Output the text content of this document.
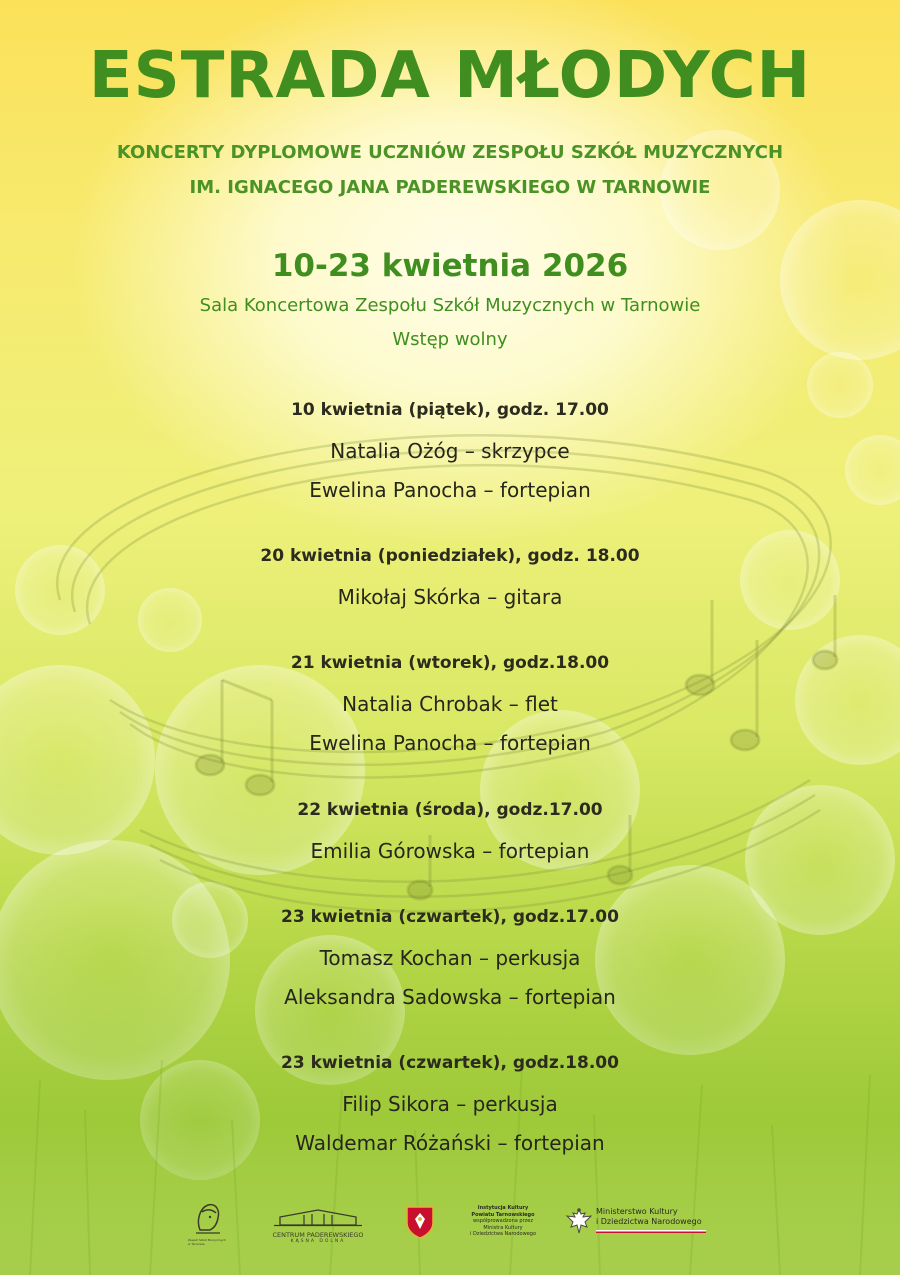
ESTRADA MŁODYCH
KONCERTY DYPLOMOWE UCZNIÓW ZESPOŁU SZKÓŁ MUZYCZNYCH
IM. IGNACEGO JANA PADEREWSKIEGO W TARNOWIE
10-23 kwietnia 2026
Sala Koncertowa Zespołu Szkół Muzycznych w Tarnowie
Wstęp wolny
10 kwietnia (piątek), godz. 17.00
Natalia Ożóg – skrzypce
Ewelina Panocha – fortepian
20 kwietnia (poniedziałek), godz. 18.00
Mikołaj Skórka – gitara
21 kwietnia (wtorek), godz.18.00
Natalia Chrobak – flet
Ewelina Panocha – fortepian
22 kwietnia (środa), godz.17.00
Emilia Górowska – fortepian
23 kwietnia (czwartek), godz.17.00
Tomasz Kochan – perkusja
Aleksandra Sadowska – fortepian
23 kwietnia (czwartek), godz.18.00
Filip Sikora – perkusja
Waldemar Różański – fortepian
Zespół Szkół Muzycznych w Tarnowie
CENTRUM PADEREWSKIEGO
KĄSNA DOLNA
Instytucja Kultury
Powiatu Tarnowskiego
współprowadzona przez
Ministra Kultury
i Dziedzictwa Narodowego
Ministerstwo Kultury
i Dziedzictwa Narodowego
